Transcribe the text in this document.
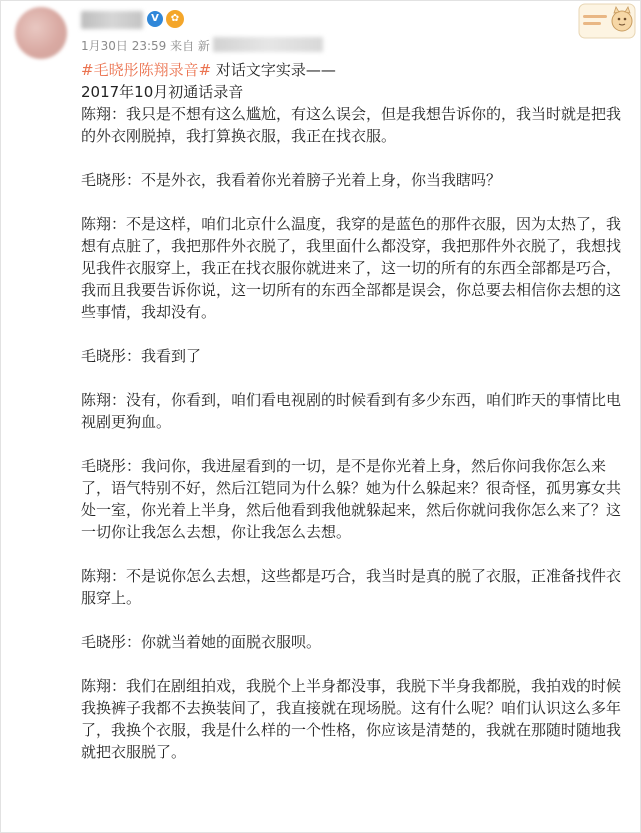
V	✿
1月30日 23:59 来自 新
#毛晓彤陈翔录音# 对话文字实录——
2017年10月初通话录音

陈翔：我只是不想有这么尴尬，有这么误会，但是我想告诉你的，我当时就是把我的外衣刚脱掉，我打算换衣服，我正在找衣服。

毛晓彤：不是外衣，我看着你光着膀子光着上身，你当我瞎吗？

陈翔：不是这样，咱们北京什么温度，我穿的是蓝色的那件衣服，因为太热了，我想有点脏了，我把那件外衣脱了，我里面什么都没穿，我把那件外衣脱了，我想找见我件衣服穿上，我正在找衣服你就进来了，这一切的所有的东西全部都是巧合，我而且我要告诉你说，这一切所有的东西全部都是误会，你总要去相信你去想的这些事情，我却没有。

毛晓彤：我看到了

陈翔：没有，你看到，咱们看电视剧的时候看到有多少东西，咱们昨天的事情比电视剧更狗血。

毛晓彤：我问你，我进屋看到的一切，是不是你光着上身，然后你问我你怎么来了，语气特别不好，然后江铠同为什么躲？她为什么躲起来？很奇怪，孤男寡女共处一室，你光着上半身，然后他看到我他就躲起来，然后你就问我你怎么来了？这一切你让我怎么去想，你让我怎么去想。

陈翔：不是说你怎么去想，这些都是巧合，我当时是真的脱了衣服，正准备找件衣服穿上。

毛晓彤：你就当着她的面脱衣服呗。

陈翔：我们在剧组拍戏，我脱个上半身都没事，我脱下半身我都脱，我拍戏的时候我换裤子我都不去换装间了，我直接就在现场脱。这有什么呢？咱们认识这么多年了，我换个衣服，我是什么样的一个性格，你应该是清楚的，我就在那随时随地我就把衣服脱了。
